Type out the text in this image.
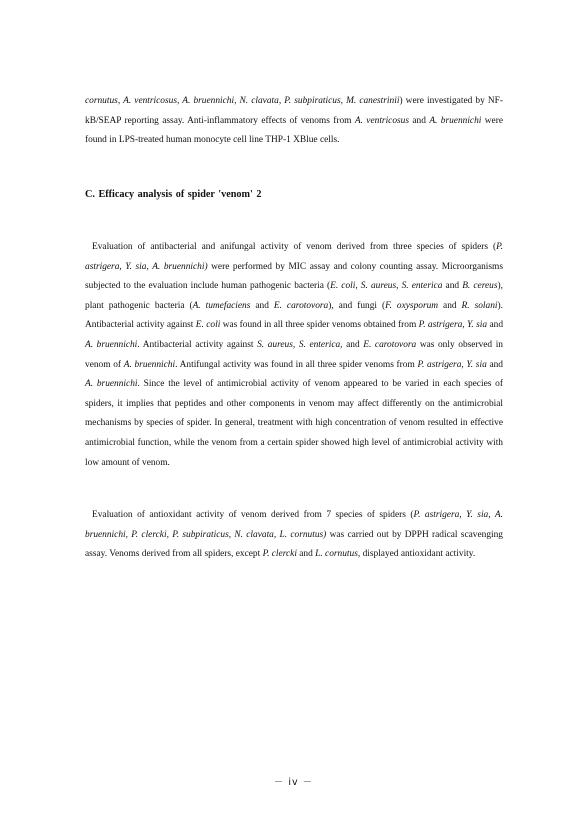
cornutus, A. ventricosus, A. bruennichi, N. clavata, P. subpiraticus, M. canestrinii) were investigated by NF-kB/SEAP reporting assay. Anti-inflammatory effects of venoms from A. ventricosus and A. bruennichi were found in LPS-treated human monocyte cell line THP-1 XBlue cells.

C. Efficacy analysis of spider 'venom' 2

Evaluation of antibacterial and anifungal activity of venom derived from three species of spiders (P. astrigera, Y. sia, A. bruennichi) were performed by MIC assay and colony counting assay. Microorganisms subjected to the evaluation include human pathogenic bacteria (E. coli, S. aureus, S. enterica and B. cereus), plant pathogenic bacteria (A. tumefaciens and E. carotovora), and fungi (F. oxysporum and R. solani). Antibacterial activity against E. coli was found in all three spider venoms obtained from P. astrigera, Y. sia and A. bruennichi. Antibacterial activity against S. aureus, S. enterica, and E. carotovora was only observed in venom of A. bruennichi. Antifungal activity was found in all three spider venoms from P. astrigera, Y. sia and A. bruennichi. Since the level of antimicrobial activity of venom appeared to be varied in each species of spiders, it implies that peptides and other components in venom may affect differently on the antimicrobial mechanisms by species of spider. In general, treatment with high concentration of venom resulted in effective antimicrobial function, while the venom from a certain spider showed high level of antimicrobial activity with low amount of venom.

Evaluation of antioxidant activity of venom derived from 7 species of spiders (P. astrigera, Y. sia, A. bruennichi, P. clercki, P. subpiraticus, N. clavata, L. cornutus) was carried out by DPPH radical scavenging assay. Venoms derived from all spiders, except P. clercki and L. cornutus, displayed antioxidant activity.

－ iv －
